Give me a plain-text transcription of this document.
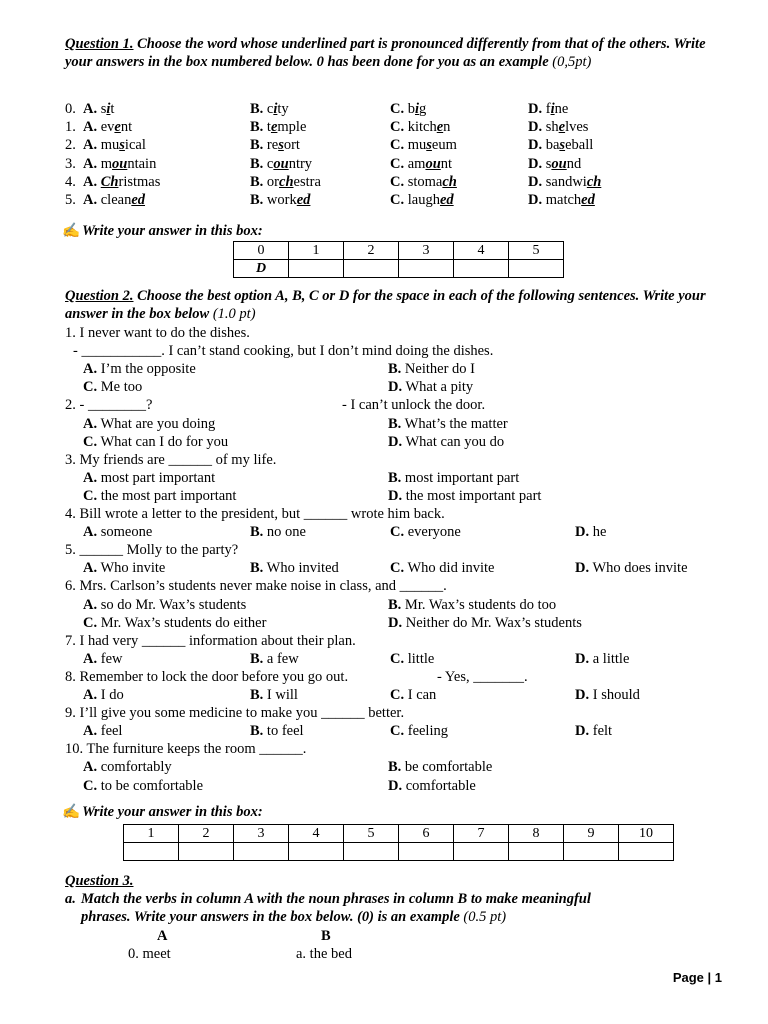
Question 1. Choose the word whose underlined part is pronounced differently from that of the others. Write your answers in the box numbered below. 0 has been done for you as an example (0,5pt)
0. A. sit	B. city	C. big	D. fine
1. A. event	B. temple	C. kitchen	D. shelves
2. A. musical	B. resort	C. museum	D. baseball
3. A. mountain	B. country	C. amount	D. sound
4. A. Christmas	B. orchestra	C. stomach	D. sandwich
5. A. cleaned	B. worked	C. laughed	D. matched
✍ Write your answer in this box:
0	1	2	3	4	5
D					
Question 2. Choose the best option A, B, C or D for the space in each of the following sentences. Write your answer in the box below (1.0 pt)
1. I never want to do the dishes.
- ___________. I can’t stand cooking, but I don’t mind doing the dishes.
A. I’m the opposite	B. Neither do I
C. Me too	D. What a pity
2. - ________?	- I can’t unlock the door.
A. What are you doing	B. What’s the matter
C. What can I do for you	D. What can you do
3. My friends are ______ of my life.
A. most part important	B. most important part
C. the most part important	D. the most important part
4. Bill wrote a letter to the president, but ______ wrote him back.
A. someone	B. no one	C. everyone	D. he
5. ______ Molly to the party?
A. Who invite	B. Who invited	C. Who did invite	D. Who does invite
6. Mrs. Carlson’s students never make noise in class, and ______.
A. so do Mr. Wax’s students	B. Mr. Wax’s students do too
C. Mr. Wax’s students do either	D. Neither do Mr. Wax’s students
7. I had very ______ information about their plan.
A. few	B. a few	C. little	D. a little
8. Remember to lock the door before you go out.	- Yes, _______.
A. I do	B. I will	C. I can	D. I should
9. I’ll give you some medicine to make you ______ better.
A. feel	B. to feel	C. feeling	D. felt
10. The furniture keeps the room ______.
A. comfortably	B. be comfortable
C. to be comfortable	D. comfortable
✍ Write your answer in this box:
1	2	3	4	5	6	7	8	9	10

Question 3.
a. Match the verbs in column A with the noun phrases in column B to make meaningful
phrases. Write your answers in the box below. (0) is an example (0.5 pt)
A	B
0. meet	a. the bed
Page | 1
